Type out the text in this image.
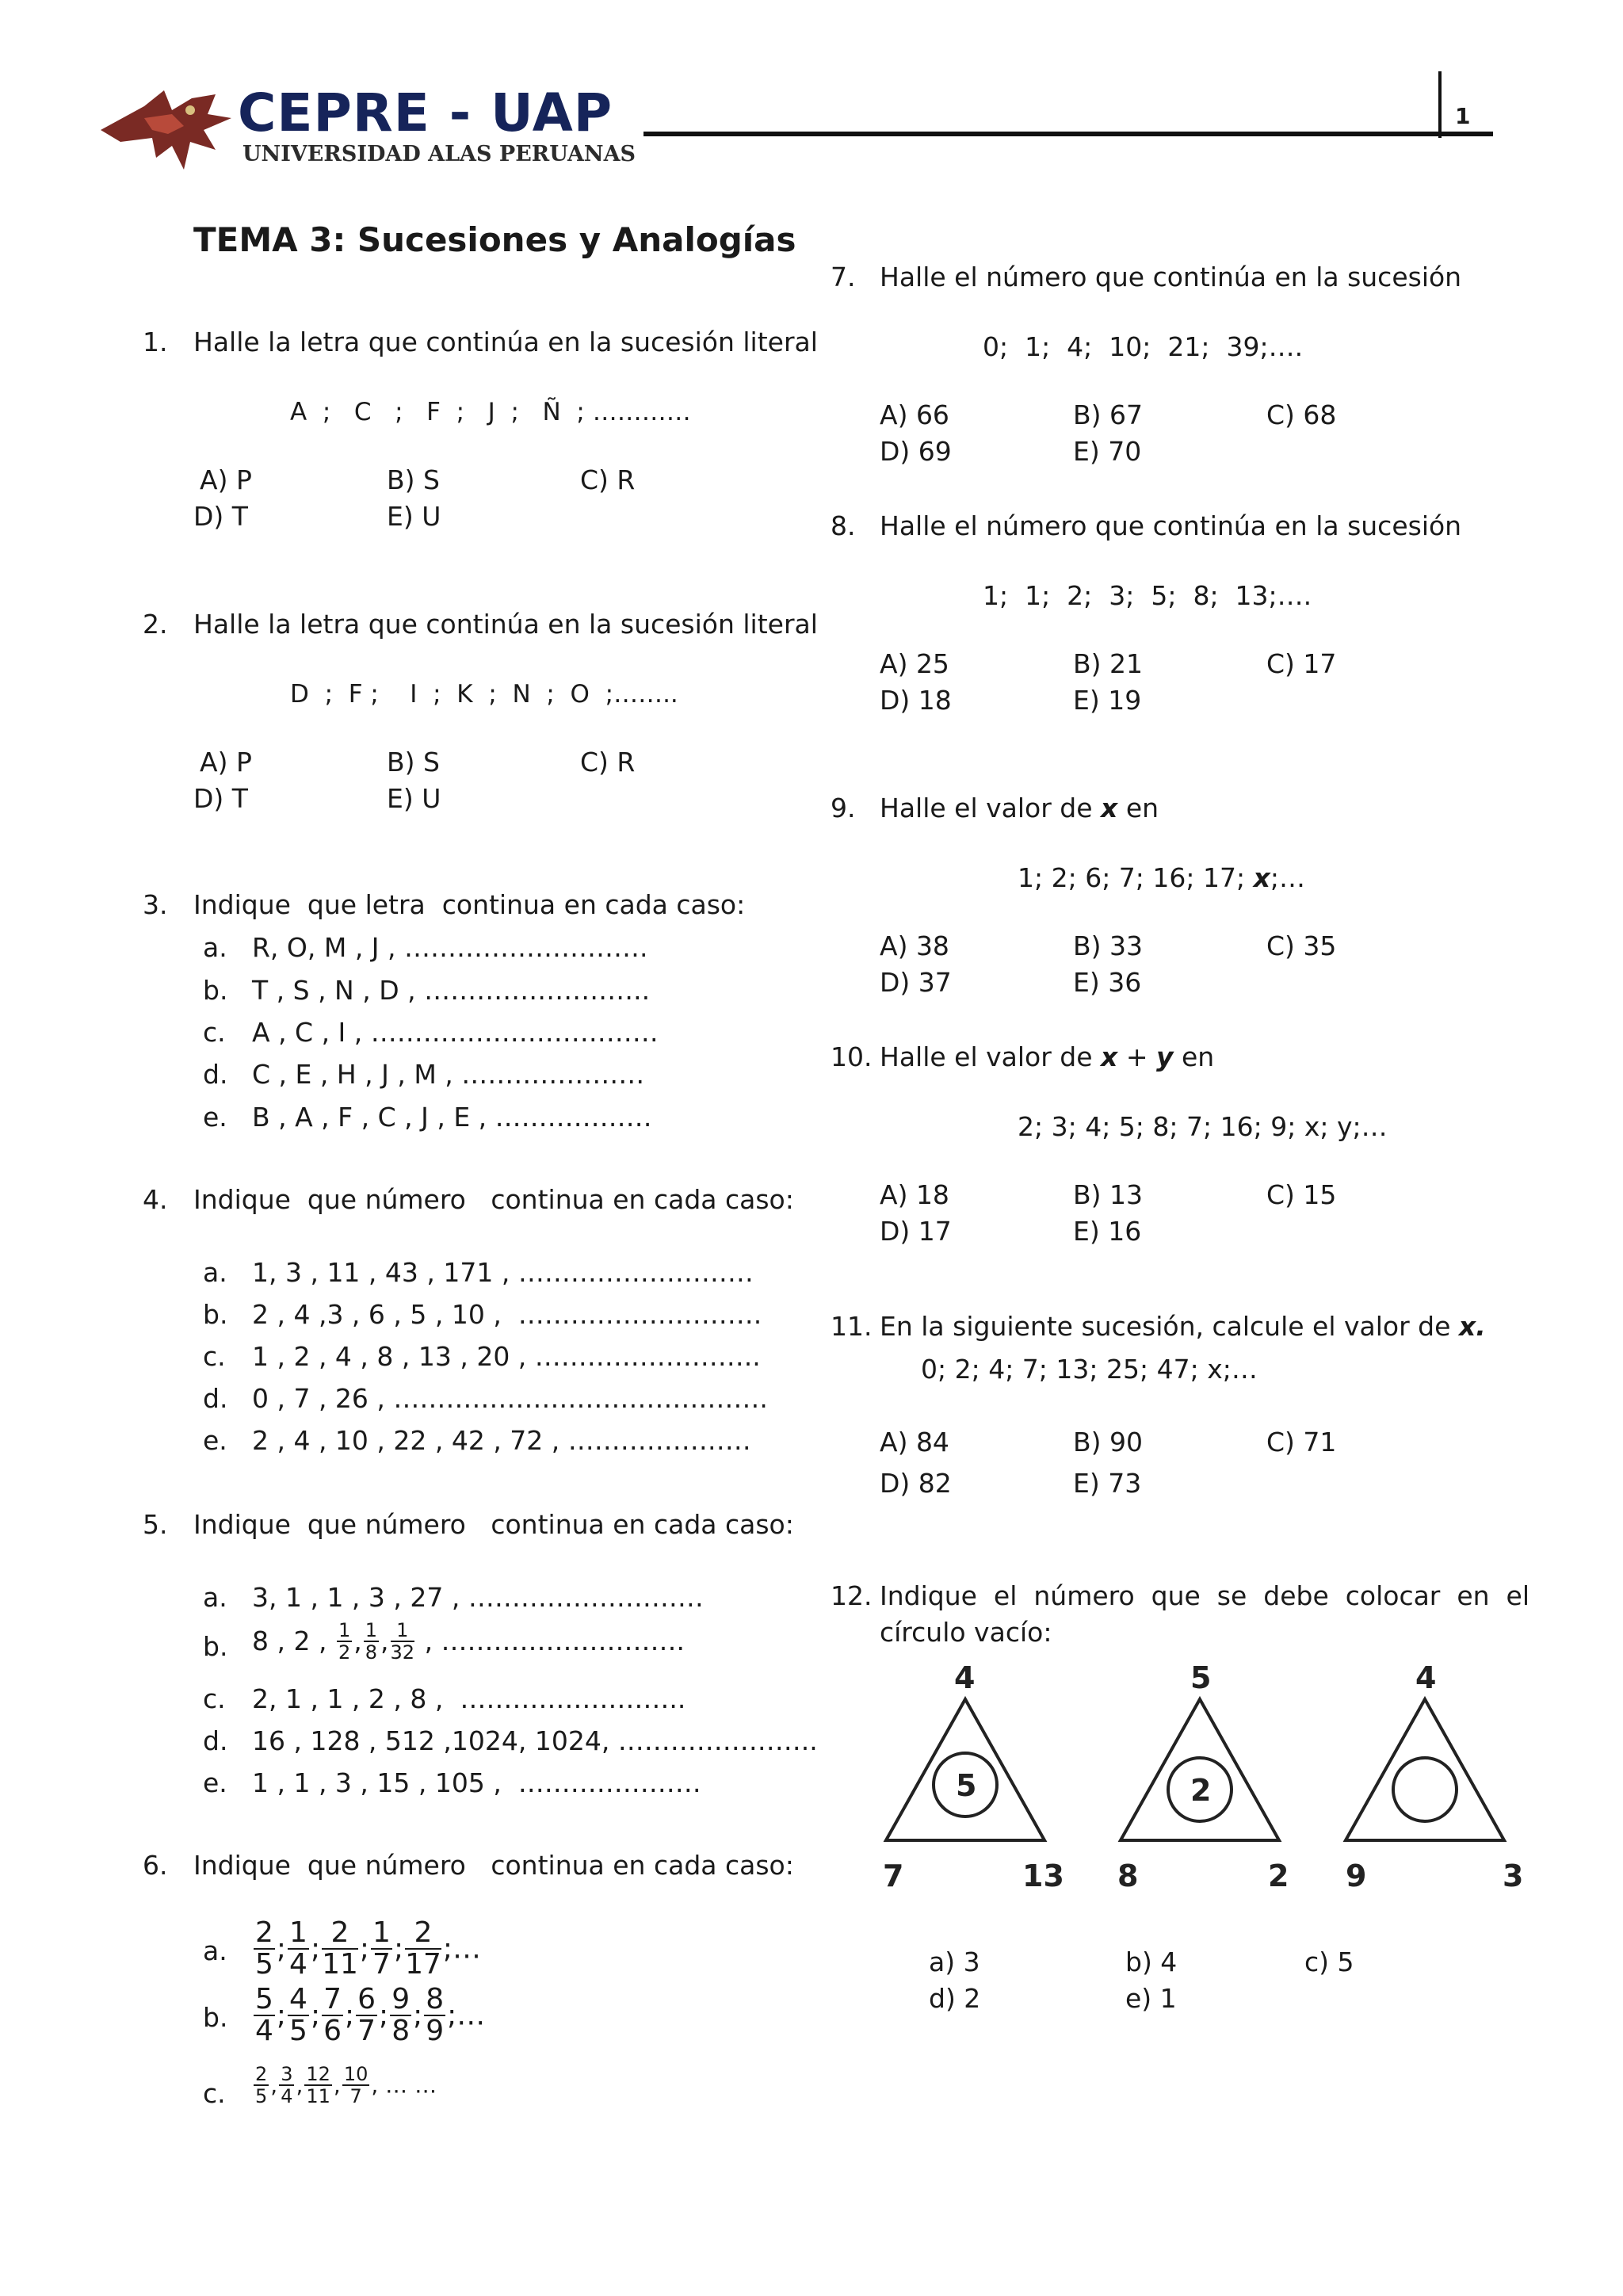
CEPRE - UAP
UNIVERSIDAD ALAS PERUANAS
1
TEMA 3: Sucesiones y Analogías
1. Halle la letra que continúa en la sucesión literal
A  ;   C   ;   F  ;   J  ;   Ñ  ; …………
A) P	B) S	C) R
D) T	E) U
2. Halle la letra que continúa en la sucesión literal
D  ;  F ;    I  ;  K  ;  N  ;  O  ;……..
A) P	B) S	C) R
D) T	E) U
3. Indique  que letra  continua en cada caso:
a. R, O, M , J , ……………………….
b. T , S , N , D , ……………………..
c. A , C , I , ……………………………
d. C , E , H , J , M , …………………
e. B , A , F , C , J , E , ………………
4. Indique  que número   continua en cada caso:
a. 1, 3 , 11 , 43 , 171 , ………………………
b. 2 , 4 ,3 , 6 , 5 , 10 ,  ……………………….
c. 1 , 2 , 4 , 8 , 13 , 20 , ……………………..
d. 0 , 7 , 26 , …………………………………….
e. 2 , 4 , 10 , 22 , 42 , 72 , …………………
5. Indique  que número   continua en cada caso:
a. 3, 1 , 1 , 3 , 27 , ………………………
b. 8 , 2 , $\frac{1}{2}$ , $\frac{1}{8}$ , $\frac{1}{32}$ , ……………………….
c. 2, 1 , 1 , 2 , 8 ,  ……………………..
d. 16 , 128 , 512 ,1024, 1024, …………………..
e. 1 , 1 , 3 , 15 , 105 ,  …………………
6. Indique  que número   continua en cada caso:
a. $\frac{2}{5}$ ; $\frac{1}{4}$ ; $\frac{2}{11}$ ; $\frac{1}{7}$ ; $\frac{2}{17}$ ;…
b. $\frac{5}{4}$ ; $\frac{4}{5}$ ; $\frac{7}{6}$ ; $\frac{6}{7}$ ; $\frac{9}{8}$ ; $\frac{8}{9}$ ;…
c. $\frac{2}{5}$ , $\frac{3}{4}$ , $\frac{12}{11}$ , $\frac{10}{7}$ , … …
7. Halle el número que continúa en la sucesión
0;  1;  4;  10;  21;  39;….
A) 66	B) 67	C) 68
D) 69	E) 70
8. Halle el número que continúa en la sucesión
1;  1;  2;  3;  5;  8;  13;….
A) 25	B) 21	C) 17
D) 18	E) 19
9. Halle el valor de x en
1; 2; 6; 7; 16; 17; x;…
A) 38	B) 33	C) 35
D) 37	E) 36
10. Halle el valor de x + y en
2; 3; 4; 5; 8; 7; 16; 9; x; y;…
A) 18	B) 13	C) 15
D) 17	E) 16
11. En la siguiente sucesión, calcule el valor de x.
0; 2; 4; 7; 13; 25; 47; x;…
A) 84	B) 90	C) 71
D) 82	E) 73
12. Indique  el  número  que  se  debe  colocar  en  el
círculo vacío:
4
5
7	13
5
2
8	2
4
9	3
a) 3	b) 4	c) 5
d) 2	e) 1
